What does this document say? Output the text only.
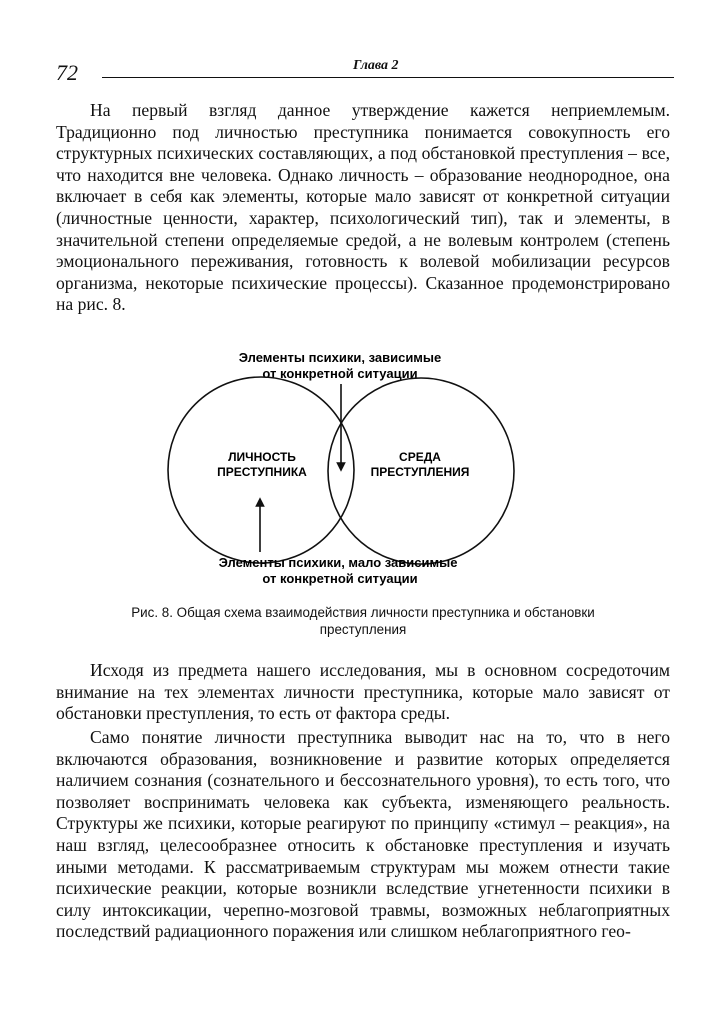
72	Глава 2

На первый взгляд данное утверждение кажется неприемлемым. Традиционно под личностью преступника понимается совокупность его структурных психических составляющих, а под обстановкой преступления – все, что находится вне человека. Однако личность – образование неоднородное, она включает в себя как элементы, которые мало зависят от конкретной ситуации (личностные ценности, характер, психологический тип), так и элементы, в значительной степени определяемые средой, а не волевым контролем (степень эмоционального переживания, готовность к волевой мобилизации ресурсов организма, некоторые психические процессы). Сказанное продемонстрировано на рис. 8.

Элементы психики, зависимые
от конкретной ситуации
ЛИЧНОСТЬ
ПРЕСТУПНИКА
СРЕДА
ПРЕСТУПЛЕНИЯ
Элементы психики, мало зависимые
от конкретной ситуации
Рис. 8. Общая схема взаимодействия личности преступника и обстановки
преступления

Исходя из предмета нашего исследования, мы в основном сосредоточим внимание на тех элементах личности преступника, которые мало зависят от обстановки преступления, то есть от фактора среды.

Само понятие личности преступника выводит нас на то, что в него включаются образования, возникновение и развитие которых определяется наличием сознания (сознательного и бессознательного уровня), то есть того, что позволяет воспринимать человека как субъекта, изменяющего реальность. Структуры же психики, которые реагируют по принципу «стимул – реакция», на наш взгляд, целесообразнее относить к обстановке преступления и изучать иными методами. К рассматриваемым структурам мы можем отнести такие психические реакции, которые возникли вследствие угнетенности психики в силу интоксикации, черепно-мозговой травмы, возможных неблагоприятных последствий радиационного поражения или слишком неблагоприятного гео-
